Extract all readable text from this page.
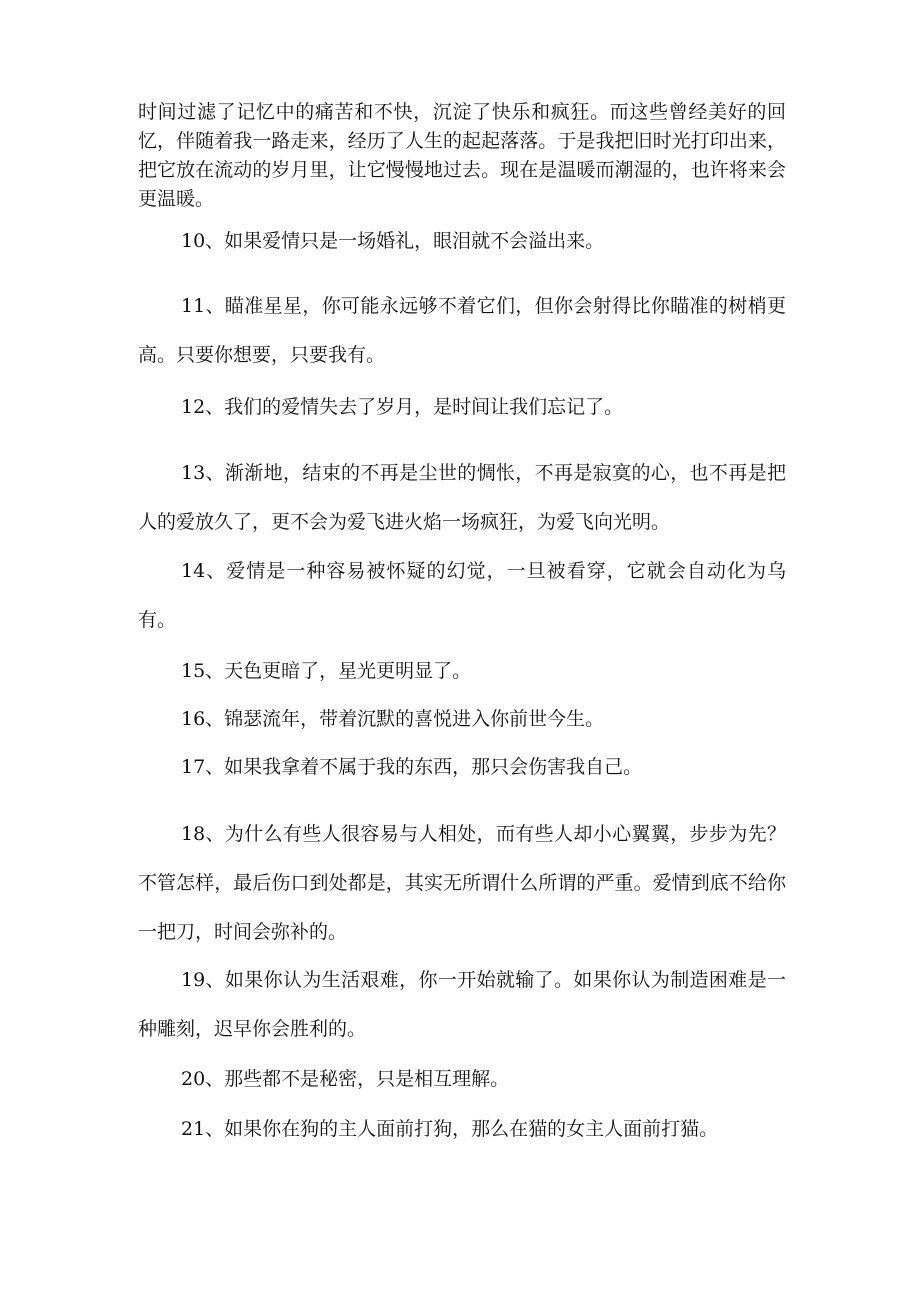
时间过滤了记忆中的痛苦和不快，沉淀了快乐和疯狂。而这些曾经美好的回忆，伴随着我一路走来，经历了人生的起起落落。于是我把旧时光打印出来，把它放在流动的岁月里，让它慢慢地过去。现在是温暖而潮湿的，也许将来会更温暖。

10、如果爱情只是一场婚礼，眼泪就不会溢出来。

11、瞄准星星，你可能永远够不着它们，但你会射得比你瞄准的树梢更高。只要你想要，只要我有。

12、我们的爱情失去了岁月，是时间让我们忘记了。

13、渐渐地，结束的不再是尘世的惆怅，不再是寂寞的心，也不再是把人的爱放久了，更不会为爱飞进火焰一场疯狂，为爱飞向光明。

14、爱情是一种容易被怀疑的幻觉，一旦被看穿，它就会自动化为乌有。

15、天色更暗了，星光更明显了。

16、锦瑟流年，带着沉默的喜悦进入你前世今生。

17、如果我拿着不属于我的东西，那只会伤害我自己。

18、为什么有些人很容易与人相处，而有些人却小心翼翼，步步为先？不管怎样，最后伤口到处都是，其实无所谓什么所谓的严重。爱情到底不给你一把刀，时间会弥补的。

19、如果你认为生活艰难，你一开始就输了。如果你认为制造困难是一种雕刻，迟早你会胜利的。

20、那些都不是秘密，只是相互理解。

21、如果你在狗的主人面前打狗，那么在猫的女主人面前打猫。
